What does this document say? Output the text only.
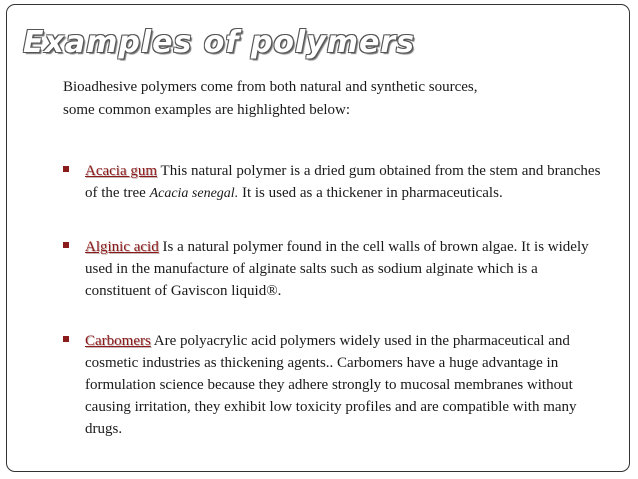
Examples of polymers
Bioadhesive polymers come from both natural and synthetic sources,
some common examples are highlighted below:
Acacia gum This natural polymer is a dried gum obtained from the stem and branches of the tree Acacia senegal. It is used as a thickener in pharmaceuticals.
Alginic acid Is a natural polymer found in the cell walls of brown algae. It is widely used in the manufacture of alginate salts such as sodium alginate which is a constituent of Gaviscon liquid®.
Carbomers Are polyacrylic acid polymers widely used in the pharmaceutical and cosmetic industries as thickening agents.. Carbomers have a huge advantage in formulation science because they adhere strongly to mucosal membranes without causing irritation, they exhibit low toxicity profiles and are compatible with many drugs.
